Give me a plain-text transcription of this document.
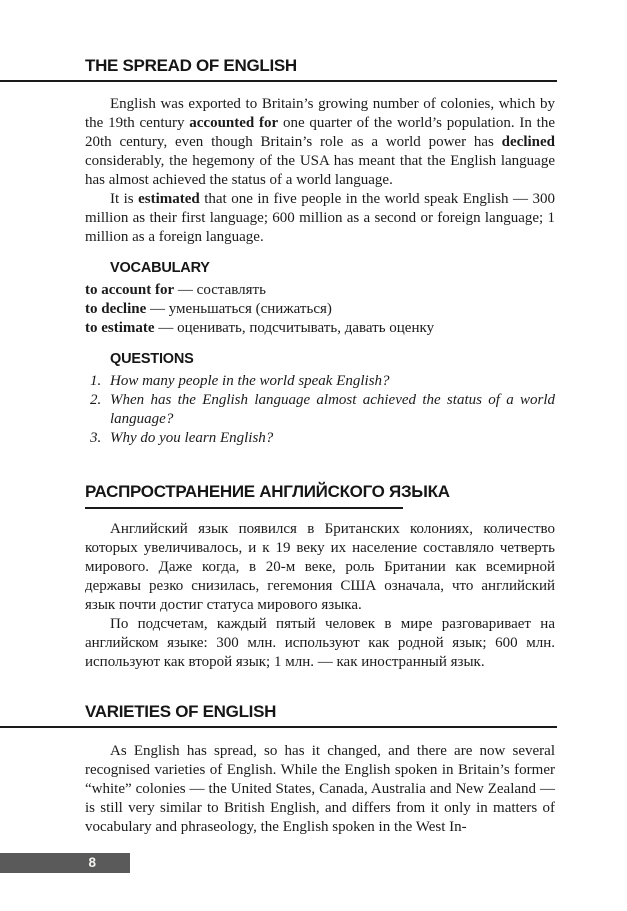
THE SPREAD OF ENGLISH

English was exported to Britain’s growing number of colonies, which by the 19th century accounted for one quarter of the world’s population. In the 20th century, even though Britain’s role as a world power has declined considerably, the hegemony of the USA has meant that the English language has almost achieved the status of a world language.

It is estimated that one in five people in the world speak English — 300 million as their first language; 600 million as a second or foreign language; 1 million as a foreign language.

VOCABULARY
to account for — составлять
to decline — уменьшаться (снижаться)
to estimate — оценивать, подсчитывать, давать оценку
QUESTIONS
1. How many people in the world speak English?
2. When has the English language almost achieved the status of a world language?
3. Why do you learn English?
РАСПРОСТРАНЕНИЕ АНГЛИЙСКОГО ЯЗЫКА

Английский язык появился в Британских колониях, количество которых увеличивалось, и к 19 веку их население составляло четверть мирового. Даже когда, в 20-м веке, роль Британии как всемирной державы резко снизилась, гегемония США означала, что английский язык почти достиг статуса мирового языка.

По подсчетам, каждый пятый человек в мире разговаривает на английском языке: 300 млн. используют как родной язык; 600 млн. используют как второй язык; 1 млн. — как иностранный язык.

VARIETIES OF ENGLISH

As English has spread, so has it changed, and there are now several recognised varieties of English. While the English spoken in Britain’s former “white” colonies — the United States, Canada, Australia and New Zealand — is still very similar to British English, and differs from it only in matters of vocabulary and phraseology, the English spoken in the West In-

8
